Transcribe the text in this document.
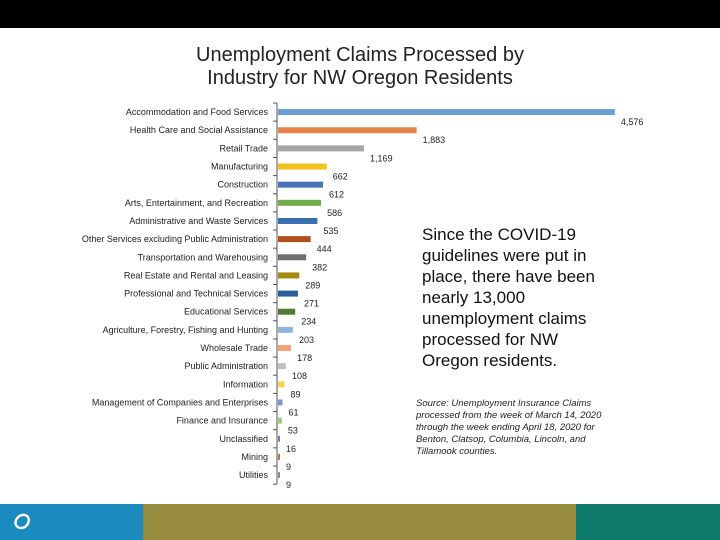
Unemployment Claims Processed by
Industry for NW Oregon Residents
Accommodation and Food Services
4,576
Health Care and Social Assistance
1,883
Retail Trade
1,169
Manufacturing
662
Construction
612
Arts, Entertainment, and Recreation
586
Administrative and Waste Services
535
Other Services excluding Public Administration
444
Transportation and Warehousing
382
Real Estate and Rental and Leasing
289
Professional and Technical Services
271
Educational Services
234
Agriculture, Forestry, Fishing and Hunting
203
Wholesale Trade
178
Public Administration
108
Information
89
Management of Companies and Enterprises
61
Finance and Insurance
53
Unclassified
16
Mining
9
Utilities
9
Since the COVID-19
guidelines were put in
place, there have been
nearly 13,000
unemployment claims
processed for NW
Oregon residents.
Source: Unemployment Insurance Claims
processed from the week of March 14, 2020
through the week ending April 18, 2020 for
Benton, Clatsop, Columbia, Lincoln, and
Tillamook counties.
